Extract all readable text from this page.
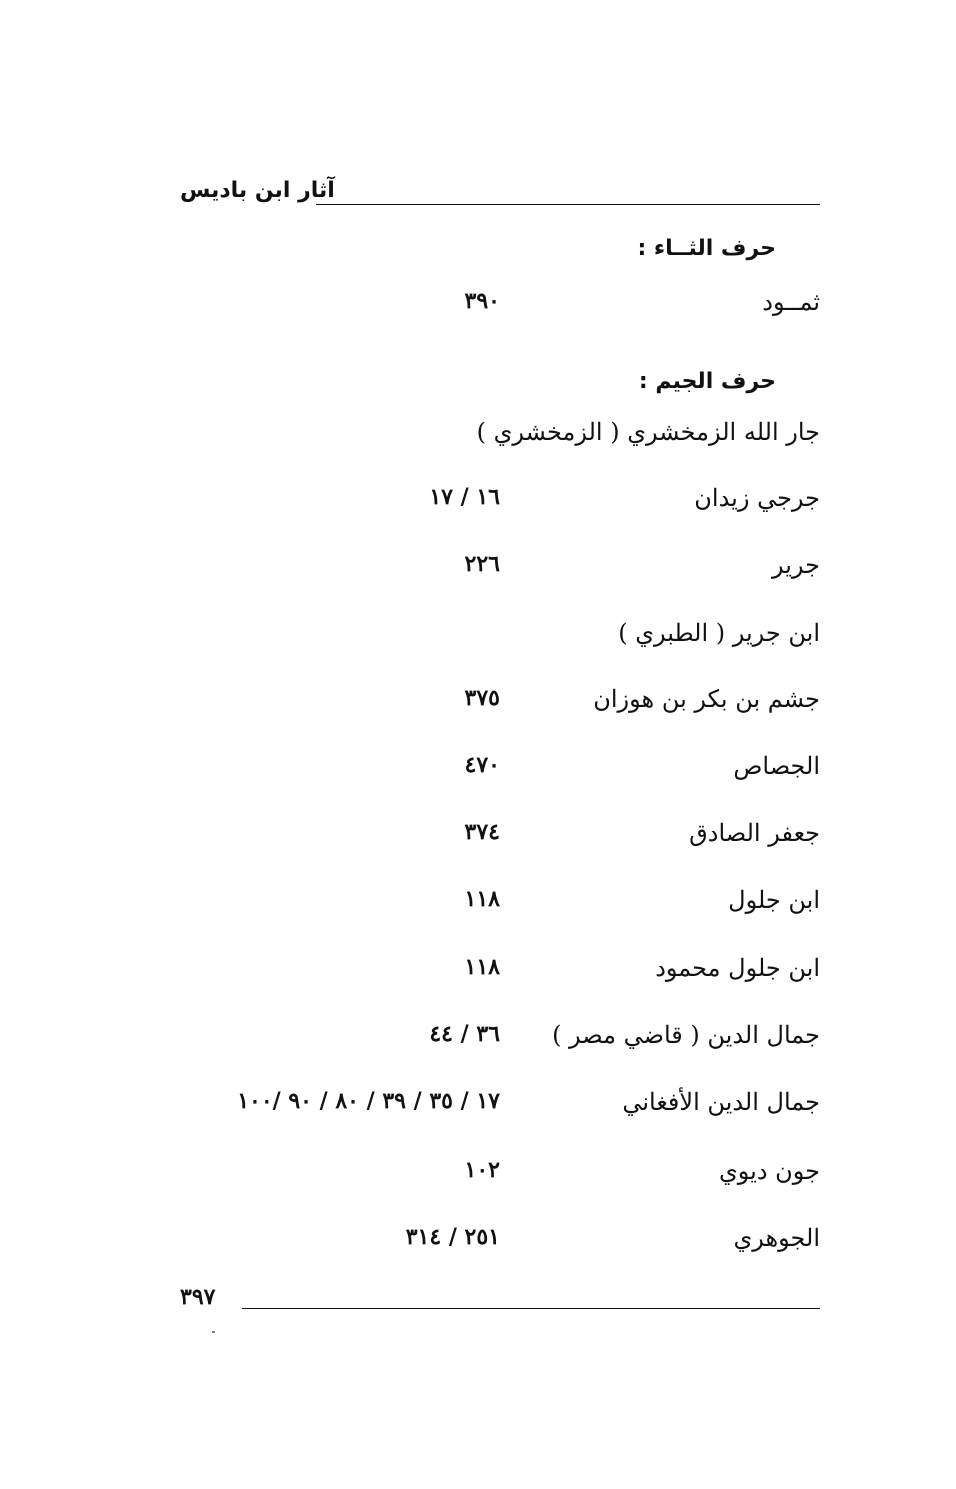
آثار ابن باديس
حرف الثــاء :
ثمــود
٣٩٠
حرف الجيم :
جار الله الزمخشري ( الزمخشري )
جرجي زيدان
١٦ / ١٧
جرير
٢٢٦
ابن جرير ( الطبري )
جشم بن بكر بن هوزان
٣٧٥
الجصاص
٤٧٠
جعفر الصادق
٣٧٤
ابن جلول
١١٨
ابن جلول محمود
١١٨
جمال الدين ( قاضي مصر )
٣٦ / ٤٤
جمال الدين الأفغاني
١٧ / ٣٥ / ٣٩ / ٨٠ / ٩٠ /١٠٠
جون ديوي
١٠٢
الجوهري
٢٥١ / ٣١٤
٣٩٧
